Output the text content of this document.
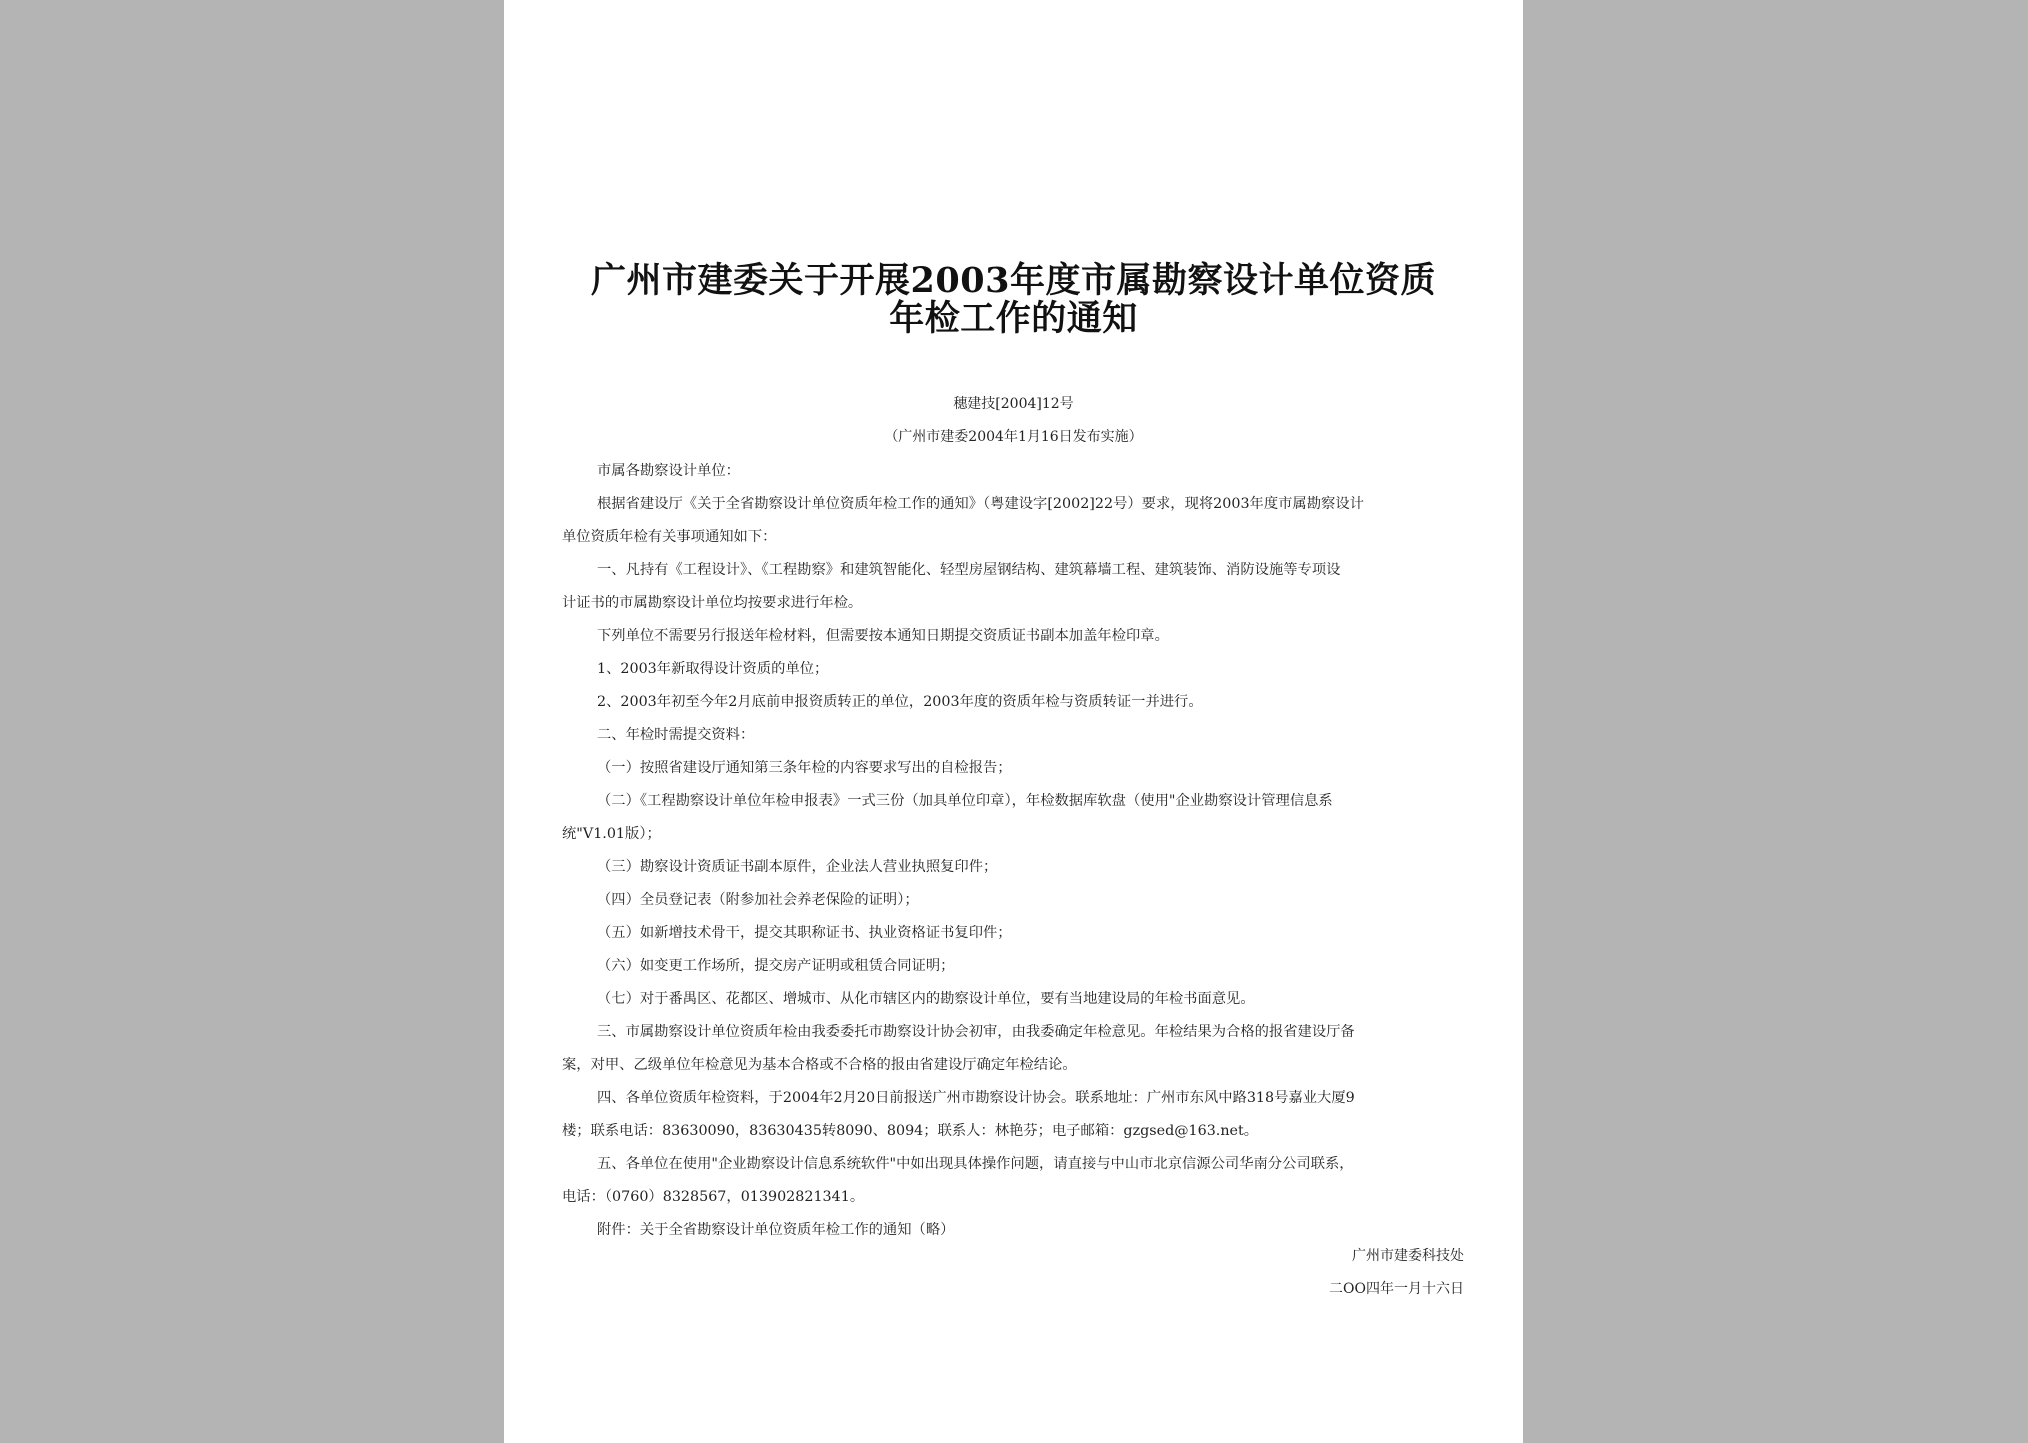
广州市建委关于开展2003年度市属勘察设计单位资质
年检工作的通知
穗建技[2004]12号
（广州市建委2004年1月16日发布实施）

市属各勘察设计单位：

根据省建设厅《关于全省勘察设计单位资质年检工作的通知》（粤建设字[2002]22号）要求，现将2003年度市属勘察设计

单位资质年检有关事项通知如下：

一、凡持有《工程设计》、《工程勘察》和建筑智能化、轻型房屋钢结构、建筑幕墙工程、建筑装饰、消防设施等专项设

计证书的市属勘察设计单位均按要求进行年检。

下列单位不需要另行报送年检材料，但需要按本通知日期提交资质证书副本加盖年检印章。

1、2003年新取得设计资质的单位；

2、2003年初至今年2月底前申报资质转正的单位，2003年度的资质年检与资质转证一并进行。

二、年检时需提交资料：

（一）按照省建设厅通知第三条年检的内容要求写出的自检报告；

（二）《工程勘察设计单位年检申报表》一式三份（加具单位印章），年检数据库软盘（使用"企业勘察设计管理信息系

统"V1.01版）；

（三）勘察设计资质证书副本原件，企业法人营业执照复印件；

（四）全员登记表（附参加社会养老保险的证明）；

（五）如新增技术骨干，提交其职称证书、执业资格证书复印件；

（六）如变更工作场所，提交房产证明或租赁合同证明；

（七）对于番禺区、花都区、增城市、从化市辖区内的勘察设计单位，要有当地建设局的年检书面意见。

三、市属勘察设计单位资质年检由我委委托市勘察设计协会初审，由我委确定年检意见。年检结果为合格的报省建设厅备

案，对甲、乙级单位年检意见为基本合格或不合格的报由省建设厅确定年检结论。

四、各单位资质年检资料，于2004年2月20日前报送广州市勘察设计协会。联系地址：广州市东风中路318号嘉业大厦9

楼；联系电话：83630090，83630435转8090、8094；联系人：林艳芬；电子邮箱：gzgsed@163.net。

五、各单位在使用"企业勘察设计信息系统软件"中如出现具体操作问题，请直接与中山市北京信源公司华南分公司联系，

电话：（0760）8328567，013902821341。

附件：关于全省勘察设计单位资质年检工作的通知（略）

广州市建委科技处
二OO四年一月十六日
